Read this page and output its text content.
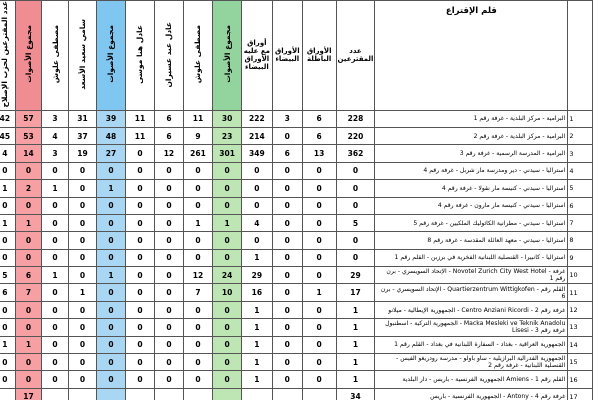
عدد المقترعين لحزب الإصلاح	مجموع الأصوات	مصطفى علوش	سامي سعيد الأسعد	مجموع الأصوات	عادل هنا موسى	عادل عبد عسيران	مصطفى علوش	مجموع الأصوات	أوراق مع عليه الأوراق البيضاء	الأوراق البيضاء	الأوراق الباطلة	عدد المقترعين	قلم الإقتراع	
42	57	3	31	39	11	6	11	30	222	3	6	228	البرامية - مركز البلدية - غرفة رقم 1	1
45	53	4	37	48	11	6	9	23	214	0	6	220	البرامية - مركز البلدية - غرفة رقم 2	2
4	14	3	19	27	0	12	261	301	349	6	13	362	البرامية - المدرسة الرسمية - غرفة رقم 3	3
0	0	0	0	0	0	0	0	0	0	0	0	0	استراليا - سيدني - دير ومدرسة مار شربل - غرفة رقم 4	4
1	2	1	0	1	0	0	0	0	0	0	0	0	استراليا - سيدني - كنيسة مار نقولا - غرفة رقم 4	5
0	0	0	0	0	0	0	0	0	0	0	0	0	استراليا - سيدني - كنيسة مار مارون - غرفة رقم 4	6
1	1	0	0	0	0	0	1	1	4	0	0	5	استراليا - سيدني - مطرانية الكاثوليك الملكيين - غرفة رقم 5	7
0	0	0	0	0	0	0	0	0	0	0	0	0	استراليا - سيدني - معهد العائلة المقدسة - غرفة رقم 8	8
0	0	0	0	0	0	0	0	0	1	0	0	0	استراليا - كانبيرا - القنصلية اللبنانية الفخرية في برزبن - القلم رقم 1	9
5	6	1	0	1	0	0	12	24	29	0	0	29	الإتحاد السويسري - برن - Novotel Zurich City West Hotel - غرفة رقم 1	10
6	7	0	1	0	0	0	7	10	16	0	1	17	الإتحاد السويسري - برن - Quartierzentrum Wittigkofen - القلم رقم 6	11
0	0	0	0	0	0	0	0	0	1	0	0	1	الجمهورية الإيطالية - ميلانو - Centro Anziani Ricordi - غرفة رقم 2	12
0	0	0	0	0	0	0	0	0	1	0	0	1	الجمهورية التركية - اسطنبول - Macka Mesleki ve Teknik Anadolu Lisesi - غرفة رقم 3	13
1	1	0	0	0	0	0	0	0	1	0	0	1	الجمهورية العراقية - بغداد - السفارة اللبنانية في بغداد - القلم رقم 1	14
0	0	0	0	0	0	0	0	0	1	0	0	1	الجمهورية الفدرالية البرازيلية - ساو باولو - مدرسة رودريغو الفيس - القنصلية اللبنانية - غرفة رقم 2	15
0	0	0	0	0	0	0	0	0	1	0	0	1	الجمهورية الفرنسية - باريس - دار البلدية Amiens - القلم رقم 1	16
	17											34	الجمهورية الفرنسية - باريس - Antony - غرفة رقم 4	17
